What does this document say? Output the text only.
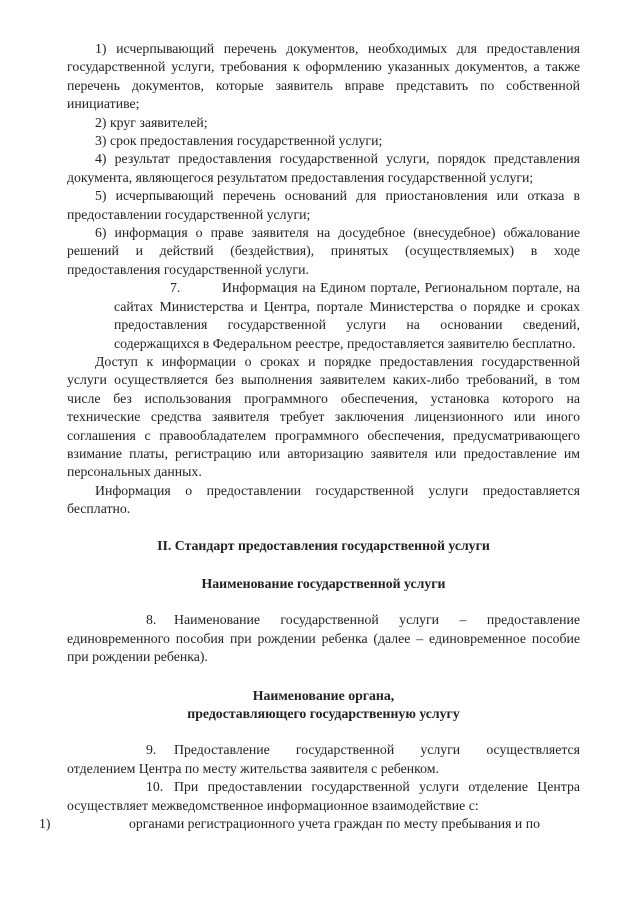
1) исчерпывающий перечень документов, необходимых для предоставления государственной услуги, требования к оформлению указанных документов, а также перечень документов, которые заявитель вправе представить по собственной инициативе;

2) круг заявителей;

3) срок предоставления государственной услуги;

4) результат предоставления государственной услуги, порядок представления документа, являющегося результатом предоставления государственной услуги;

5) исчерпывающий перечень оснований для приостановления или отказа в предоставлении государственной услуги;

6) информация о праве заявителя на досудебное (внесудебное) обжалование решений и действий (бездействия), принятых (осуществляемых) в ходе предоставления государственной услуги.

7.	Информация на Едином портале, Региональном портале, на сайтах Министерства и Центра, портале Министерства о порядке и сроках предоставления государственной услуги на основании сведений, содержащихся в Федеральном реестре, предоставляется заявителю бесплатно.

Доступ к информации о сроках и порядке предоставления государственной услуги осуществляется без выполнения заявителем каких-либо требований, в том числе без использования программного обеспечения, установка которого на технические средства заявителя требует заключения лицензионного или иного соглашения с правообладателем программного обеспечения, предусматривающего взимание платы, регистрацию или авторизацию заявителя или предоставление им персональных данных.

Информация о предоставлении государственной услуги предоставляется бесплатно.

II. Стандарт предоставления государственной услуги

Наименование государственной услуги

8. Наименование государственной услуги – предоставление единовременного пособия при рождении ребенка (далее – единовременное пособие при рождении ребенка).

Наименование органа,

предоставляющего государственную услугу

9. Предоставление государственной услуги осуществляется отделением Центра по месту жительства заявителя с ребенком.

10. При предоставлении государственной услуги отделение Центра осуществляет межведомственное информационное взаимодействие с:

1)	органами регистрационного учета граждан по месту пребывания и по
